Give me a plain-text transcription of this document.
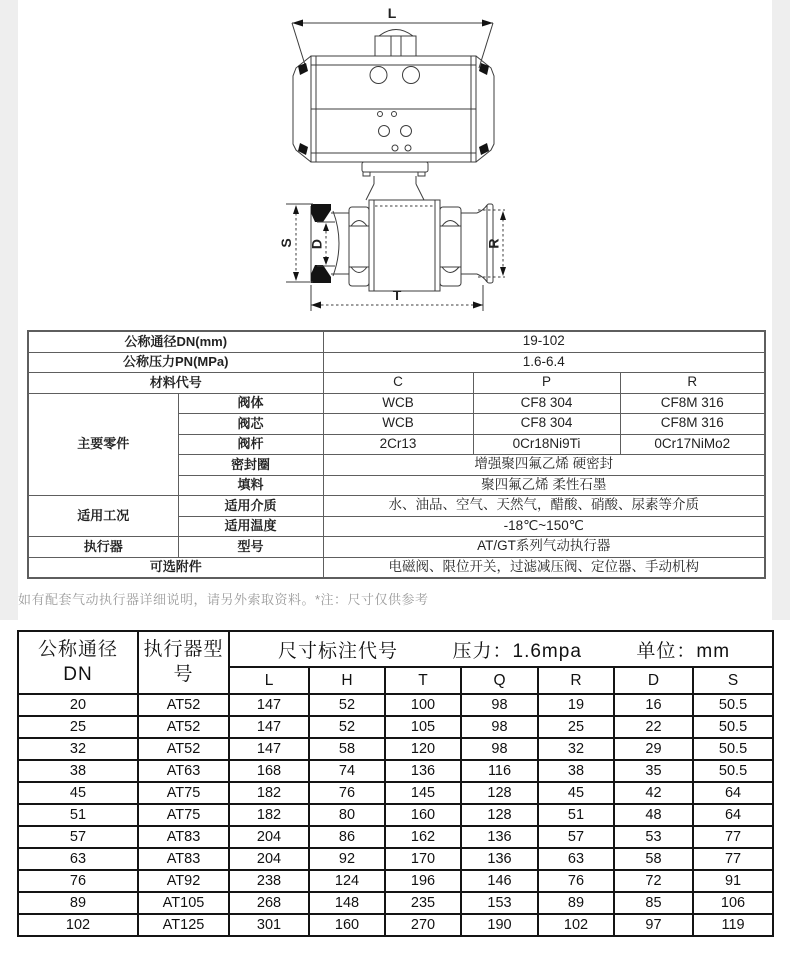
L
S D	R
T
公称通径DN(mm)		19-102		
公称压力PN(MPa)		1.6-6.4		
材料代号		C	P	R
主要零件	阀体	WCB	CF8 304	CF8M 316
	阀芯	WCB	CF8 304	CF8M 316
	阀杆	2Cr13	0Cr18Ni9Ti	0Cr17NiMo2
	密封圈	增强聚四氟乙烯 硬密封		
	填料	聚四氟乙烯 柔性石墨		
适用工况	适用介质	水、油品、空气、天然气，醋酸、硝酸、尿素等介质		
	适用温度	-18℃~150℃		
执行器	型号	AT/GT系列气动执行器		
可选附件		电磁阀、限位开关，过滤减压阀、定位器、手动机构		
如有配套气动执行器详细说明，请另外索取资料。*注：尺寸仅供参考
公称通径
DN	执行器型号	尺寸标注代号 压力：1.6mpa 单位：mm						

		L	H	T	Q	R	D	S
20	AT52	147	52	100	98	19	16	50.5
25	AT52	147	52	105	98	25	22	50.5
32	AT52	147	58	120	98	32	29	50.5
38	AT63	168	74	136	116	38	35	50.5
45	AT75	182	76	145	128	45	42	64
51	AT75	182	80	160	128	51	48	64
57	AT83	204	86	162	136	57	53	77
63	AT83	204	92	170	136	63	58	77
76	AT92	238	124	196	146	76	72	91
89	AT105	268	148	235	153	89	85	106
102	AT125	301	160	270	190	102	97	119
